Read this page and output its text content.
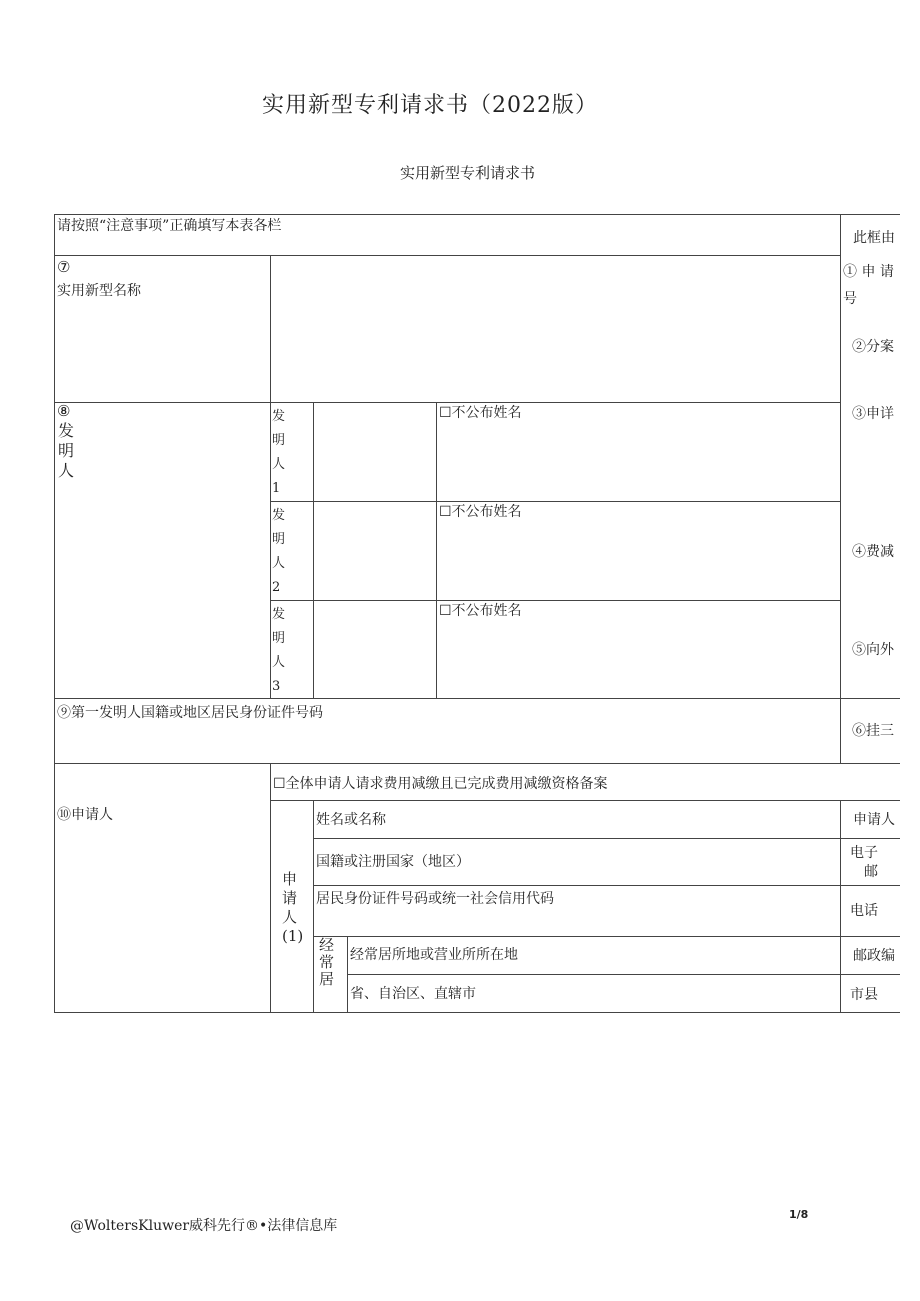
实用新型专利请求书（2022版）
实用新型专利请求书
请按照“注意事项”正确填写本表各栏
此框由
⑦
实用新型名称
⑧
发明人
发明人1
☐不公布姓名
发明人2
☐不公布姓名
发明人3
☐不公布姓名
⑨第一发明人国籍或地区居民身份证件号码
⑩申请人
☐全体申请人请求费用减缴且已完成费用减缴资格备案
申请人(1)
姓名或名称
国籍或注册国家（地区）
居民身份证件号码或统一社会信用代码
经常居
经常居所地或营业所所在地
省、自治区、直辖市
① 申 请
号
②分案
③申详
④费减
⑤向外
⑥挂三
申请人
电子
邮
电话
邮政编
市县
@WoltersKluwer威科先行®•法律信息库
1/8
